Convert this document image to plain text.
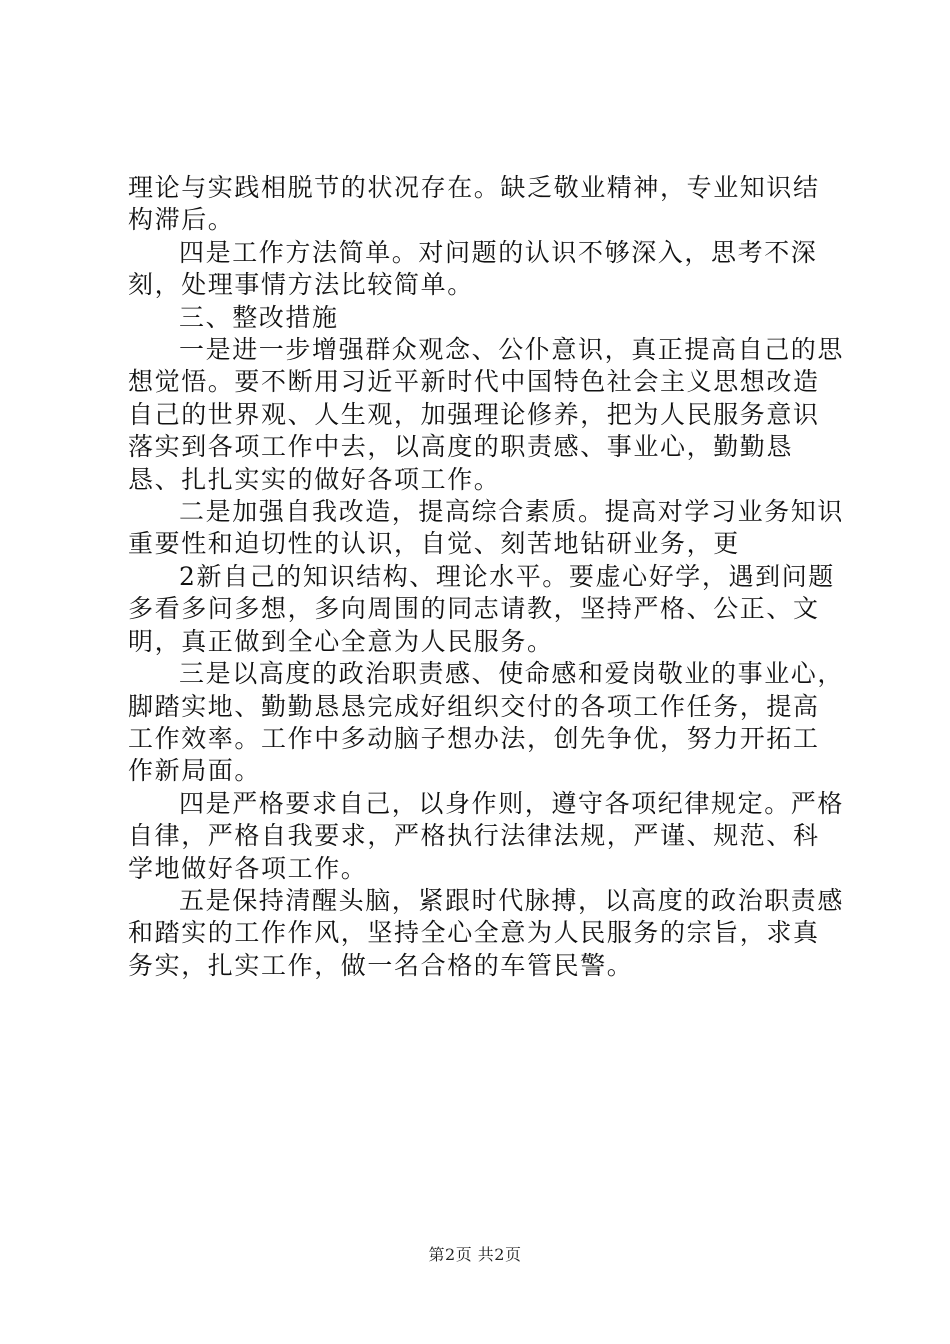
理论与实践相脱节的状况存在。缺乏敬业精神，专业知识结构滞后。

四是工作方法简单。对问题的认识不够深入，思考不深刻，处理事情方法比较简单。

三、整改措施

一是进一步增强群众观念、公仆意识，真正提高自己的思想觉悟。要不断用习近平新时代中国特色社会主义思想改造自己的世界观、人生观，加强理论修养，把为人民服务意识落实到各项工作中去，以高度的职责感、事业心，勤勤恳恳、扎扎实实的做好各项工作。

二是加强自我改造，提高综合素质。提高对学习业务知识重要性和迫切性的认识，自觉、刻苦地钻研业务，更

2新自己的知识结构、理论水平。要虚心好学，遇到问题多看多问多想，多向周围的同志请教，坚持严格、公正、文明，真正做到全心全意为人民服务。

三是以高度的政治职责感、使命感和爱岗敬业的事业心，脚踏实地、勤勤恳恳完成好组织交付的各项工作任务，提高工作效率。工作中多动脑子想办法，创先争优，努力开拓工作新局面。

四是严格要求自己，以身作则，遵守各项纪律规定。严格自律，严格自我要求，严格执行法律法规，严谨、规范、科学地做好各项工作。

五是保持清醒头脑，紧跟时代脉搏，以高度的政治职责感和踏实的工作作风，坚持全心全意为人民服务的宗旨，求真务实，扎实工作，做一名合格的车管民警。

第2页 共2页
